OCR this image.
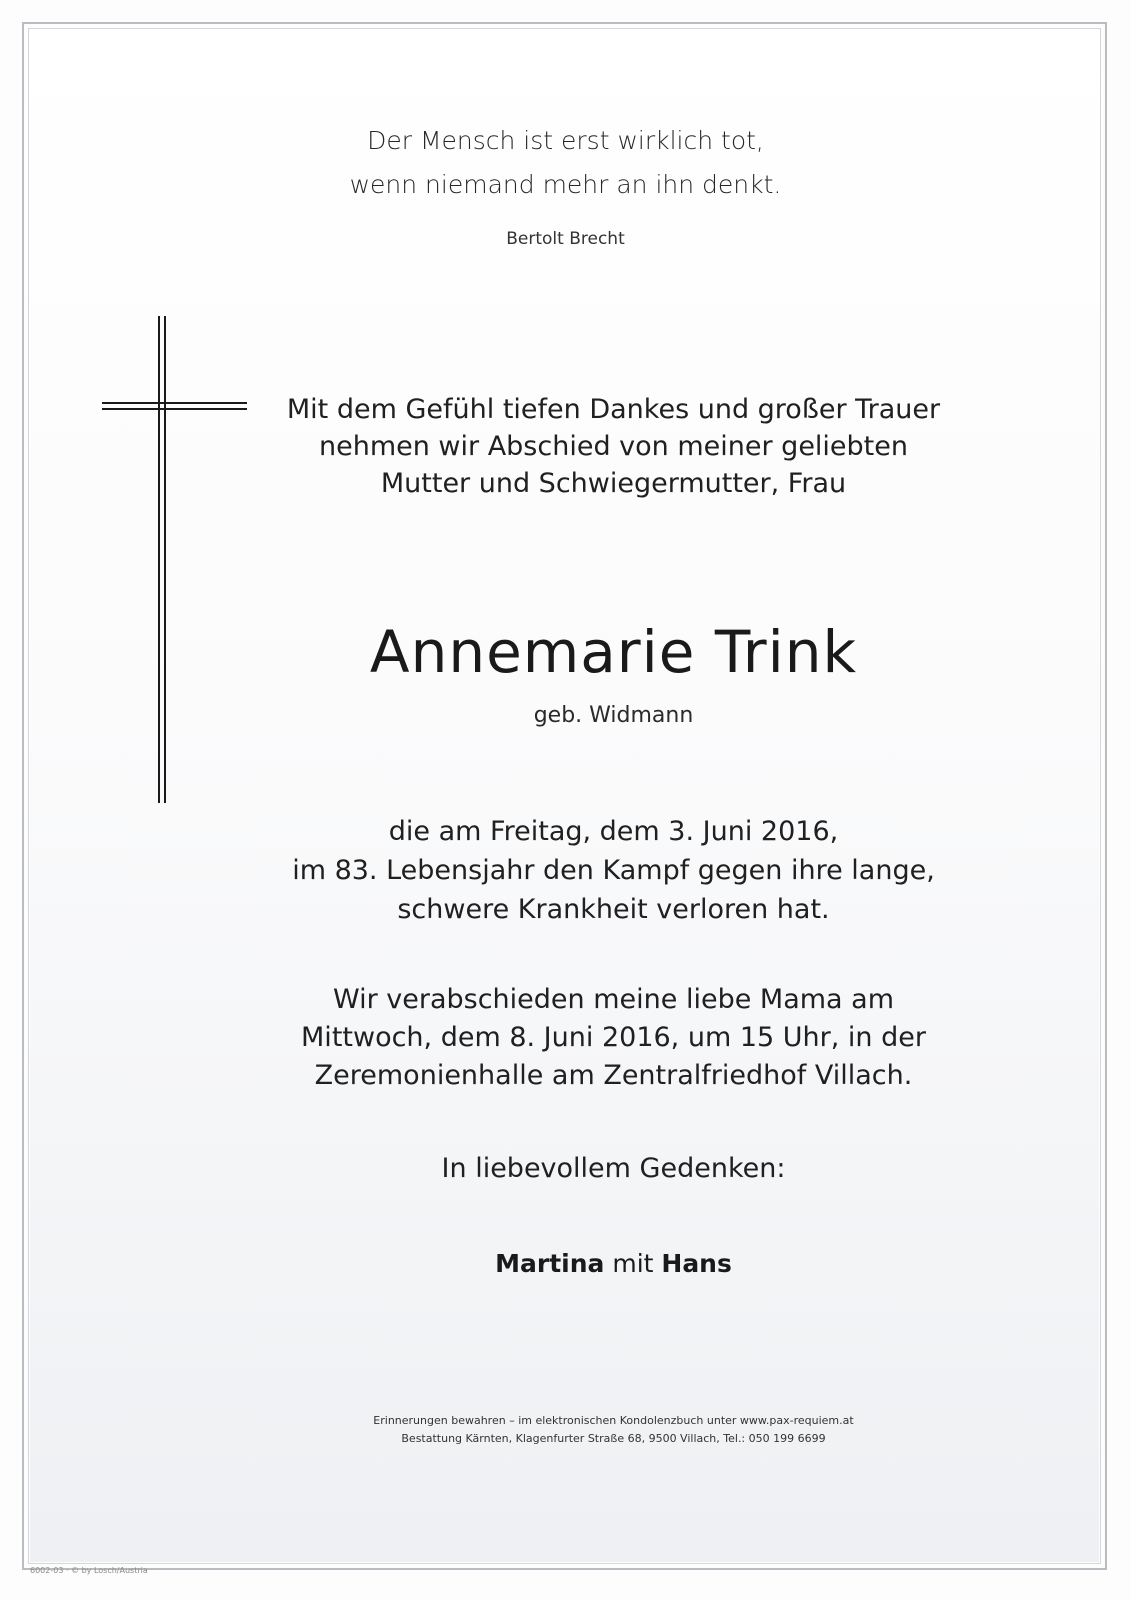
Der Mensch ist erst wirklich tot,
wenn niemand mehr an ihn denkt.
Bertolt Brecht
Mit dem Gefühl tiefen Dankes und großer Trauer
nehmen wir Abschied von meiner geliebten
Mutter und Schwiegermutter, Frau
Annemarie Trink
geb. Widmann
die am Freitag, dem 3. Juni 2016,
im 83. Lebensjahr den Kampf gegen ihre lange,
schwere Krankheit verloren hat.
Wir verabschieden meine liebe Mama am
Mittwoch, dem 8. Juni 2016, um 15 Uhr, in der
Zeremonienhalle am Zentralfriedhof Villach.
In liebevollem Gedenken:
Martina mit Hans
Erinnerungen bewahren – im elektronischen Kondolenzbuch unter www.pax-requiem.at
Bestattung Kärnten, Klagenfurter Straße 68, 9500 Villach, Tel.: 050 199 6699
6002-03 · © by Losch/Austria
